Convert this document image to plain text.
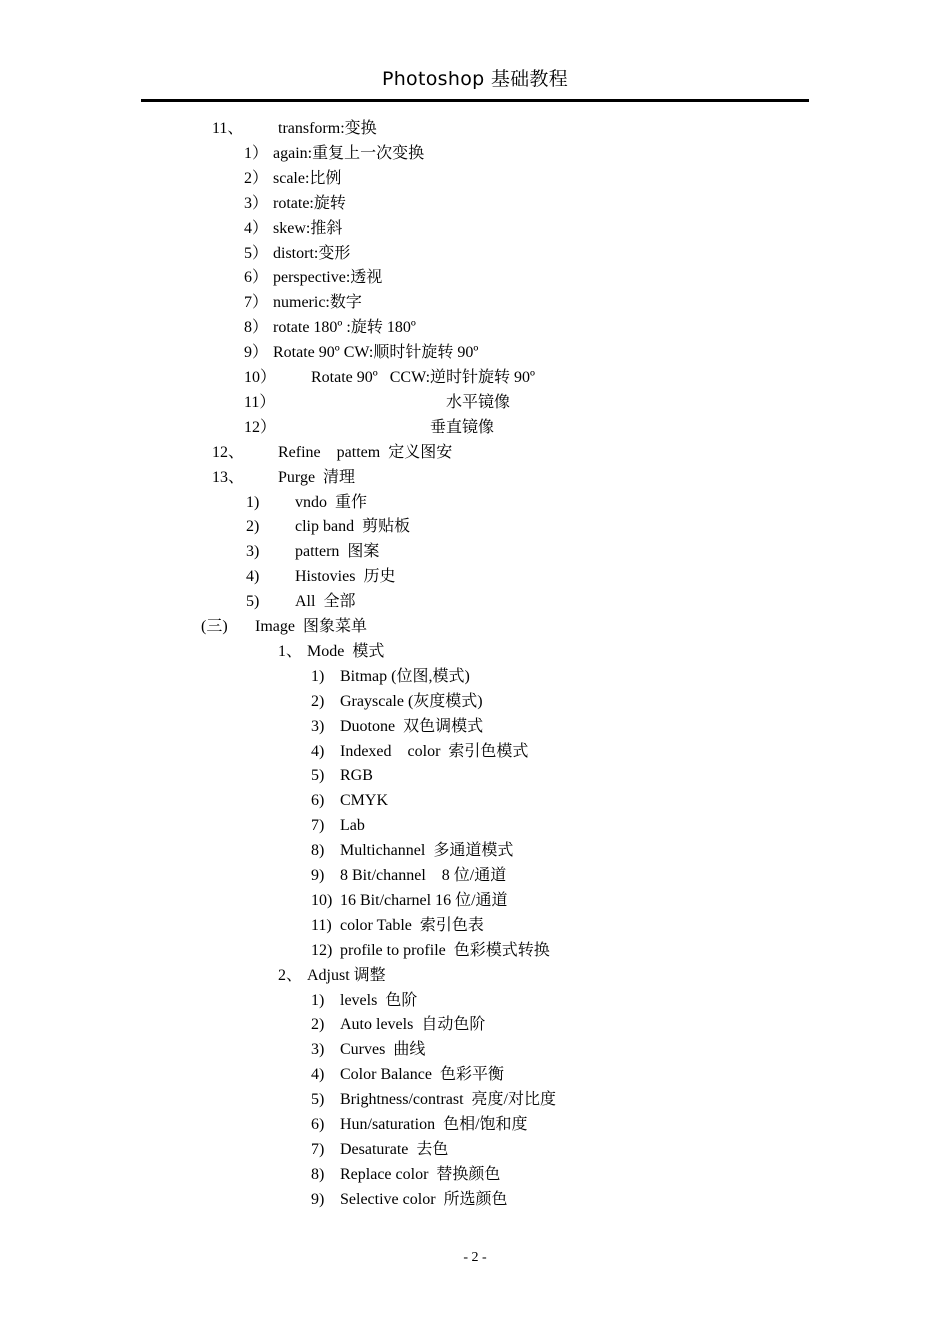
Photoshop 基础教程
11、 transform:变换
1） again:重复上一次变换
2） scale:比例
3） rotate:旋转
4） skew:推斜
5） distort:变形
6） perspective:透视
7） numeric:数字
8） rotate 180º :旋转 180º
9） Rotate 90º CW:顺时针旋转 90º
10） Rotate 90º   CCW:逆时针旋转 90º
11）	水平镜像
12）	垂直镜像
12、 Refine    pattem  定义图安
13、 Purge  清理
1) vndo  重作
2) clip band  剪贴板
3) pattern  图案
4) Histovies  历史
5) All  全部
(三) Image  图象菜单
1、 Mode  模式
1) Bitmap (位图,模式)
2) Grayscale (灰度模式)
3) Duotone  双色调模式
4) Indexed    color  索引色模式
5) RGB
6) CMYK
7) Lab
8) Multichannel  多通道模式
9) 8 Bit/channel    8 位/通道
10) 16 Bit/charnel 16 位/通道
11) color Table  索引色表
12) profile to profile  色彩模式转换
2、 Adjust 调整
1) levels  色阶
2) Auto levels  自动色阶
3) Curves  曲线
4) Color Balance  色彩平衡
5) Brightness/contrast  亮度/对比度
6) Hun/saturation  色相/饱和度
7) Desaturate  去色
8) Replace color  替换颜色
9) Selective color  所选颜色
- 2 -
